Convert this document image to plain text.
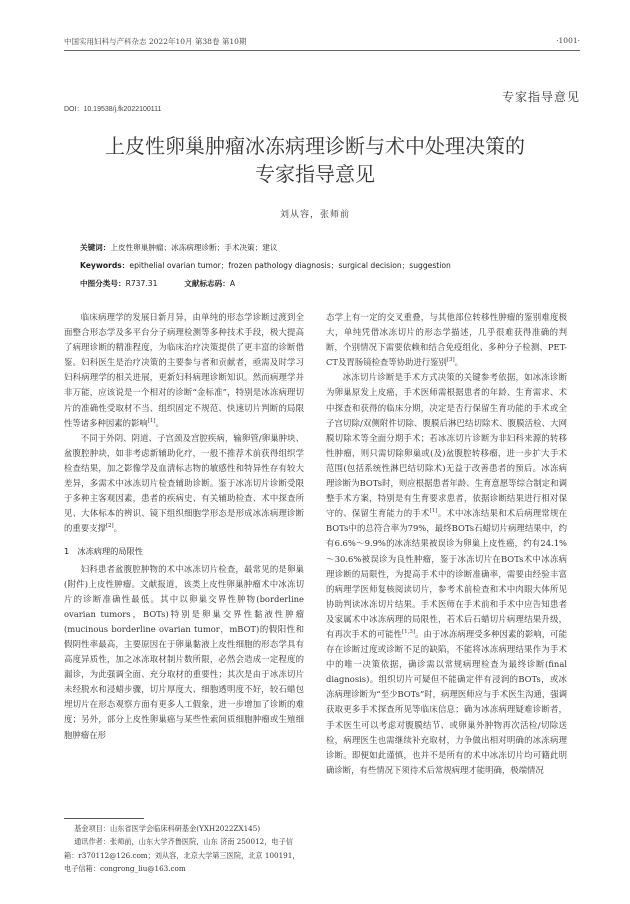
中国实用妇科与产科杂志 2022年10月 第38卷 第10期	·1001·
专家指导意见
DOI：10.19538/j.fk2022100111
上皮性卵巢肿瘤冰冻病理诊断与术中处理决策的
专家指导意见
刘从容，张师前
关键词：上皮性卵巢肿瘤；冰冻病理诊断；手术决策；建议
Keywords：epithelial ovarian tumor；frozen pathology diagnosis；surgical decision；suggestion
中图分类号：R737.31	文献标志码：A

临床病理学的发展日新月异，由单纯的形态学诊断过渡到全面整合形态学及多平台分子病理检测等多种技术手段，极大提高了病理诊断的精准程度，为临床治疗决策提供了更丰富的诊断借鉴。妇科医生是治疗决策的主要参与者和贡献者，亟需及时学习妇科病理学的相关进展，更新妇科病理诊断知识。然而病理学并非万能，应该说是一个相对的诊断“金标准”，特别是冰冻病理切片的准确性受取材不当、组织固定不规范、快速切片判断的局限性等诸多种因素的影响[1]。

不同于外阴、阴道、子宫颈及宫腔疾病，输卵管/卵巢肿块、盆腹腔肿块，如非考虑新辅助化疗，一般不推荐术前获得组织学检查结果，加之影像学及血清标志物的敏感性和特异性存有较大差异，多需术中冰冻切片检查辅助诊断。鉴于冰冻切片诊断受限于多种主客观因素，患者的疾病史、有关辅助检查、术中探查所见、大体标本的辨识、镜下组织细胞学形态是形成冰冻病理诊断的重要支撑[2]。

1　冰冻病理的局限性

妇科患者盆腹腔肿物的术中冰冻切片检查，最常见的是卵巢(附件)上皮性肿瘤。文献报道，该类上皮性卵巢肿瘤术中冰冻切片的诊断准确性最低。其中以卵巢交界性肿物(borderline ovarian tumors，BOTs)特别是卵巢交界性黏液性肿瘤(mucinous borderline ovarian tumor，mBOT)的假阳性和假阴性率最高，主要原因在于卵巢黏液上皮性细胞的形态学具有高度异质性，加之冰冻取材制片数所限，必然会造成一定程度的漏诊，为此强调全面、充分取材的重要性；其次是由于冰冻切片未经脱水和浸蜡步骤，切片厚度大、细胞透明度不好，较石蜡包埋切片在形态观察方面有更多人工假象，进一步增加了诊断的难度；另外，部分上皮性卵巢癌与某些性索间质细胞肿瘤或生殖细胞肿瘤在形

态学上有一定的交叉重叠，与其他部位转移性肿瘤的鉴别难度极大，单纯凭借冰冻切片的形态学描述，几乎很难获得准确的判断，个别情况下需要依赖和结合免疫组化、多种分子检测、PET-CT及胃肠镜检查等协助进行鉴别[3]。

冰冻切片诊断是手术方式决策的关键参考依据，如冰冻诊断为卵巢原发上皮癌，手术医师需根据患者的年龄、生育需求、术中探查和获得的临床分期，决定是否行保留生育功能的手术或全子宫切除/双侧附件切除、腹膜后淋巴结切除术、腹膜活检、大网膜切除术等全面分期手术；若冰冻切片诊断为非妇科来源的转移性肿瘤，则只需切除卵巢或(及)盆腹腔转移瘤，进一步扩大手术范围(包括系统性淋巴结切除术)无益于改善患者的预后。冰冻病理诊断为BOTs时，则应根据患者年龄、生育意愿等综合制定和调整手术方案，特别是有生育要求患者，依据诊断结果进行相对保守的、保留生育能力的手术[1]。术中冰冻结果和术后病理常规在BOTs中的总符合率为79%，最终BOTs石蜡切片病理结果中，约有6.6%～9.9%的冰冻结果被误诊为卵巢上皮性癌，约有24.1%～30.6%被误诊为良性肿瘤，鉴于冰冻切片在BOTs术中冰冻病理诊断的局限性，为提高手术中的诊断准确率，需要由经验丰富的病理学医师复核阅读切片，参考术前检查和术中肉眼大体所见协助判读冰冻切片结果。手术医师在手术前和手术中应告知患者及家属术中冰冻病理的局限性，若术后石蜡切片病理结果升级，有再次手术的可能性[1,3]。由于冰冻病理受多种因素的影响，可能存在诊断过度或诊断不足的缺陷，不能将冰冻病理结果作为手术中的唯一决策依据，确诊需以常规病理检查为最终诊断(final diagnosis)。组织切片可疑但不能确定伴有浸润的BOTs，或冰冻病理诊断为“至少BOTs”时，病理医师应与手术医生沟通，强调获取更多手术探查所见等临床信息；确为冰冻病理疑难诊断者，手术医生可以考虑对腹膜结节、或卵巢外肿物再次活检/切除送检，病理医生也需继续补充取材，力争做出相对明确的冰冻病理诊断。即便如此谨慎，也并不是所有的术中冰冻切片均可籍此明确诊断，有些情况下须待术后常规病理才能明确，极端情况

基金项目：山东省医学会临床科研基金(YXH2022ZX145)

通讯作者：张师前，山东大学齐鲁医院，山东 济南 250012，电子信箱：r370112@126.com；刘从容，北京大学第三医院，北京 100191，电子信箱：congrong_liu@163.com
